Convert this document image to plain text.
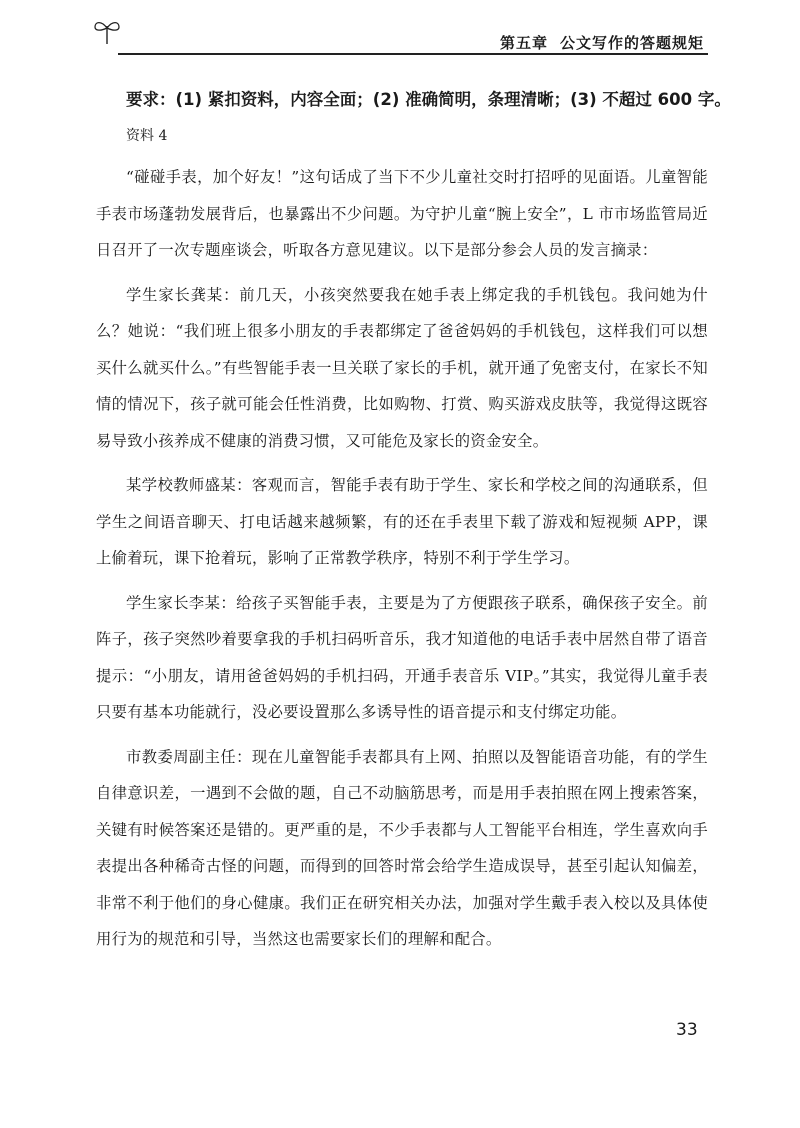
第五章 公文写作的答题规矩

要求：(1) 紧扣资料，内容全面；(2) 准确简明，条理清晰；(3) 不超过 600 字。

资料 4

“碰碰手表，加个好友！”这句话成了当下不少儿童社交时打招呼的见面语。儿童智能手表市场蓬勃发展背后，也暴露出不少问题。为守护儿童“腕上安全”，L 市市场监管局近日召开了一次专题座谈会，听取各方意见建议。以下是部分参会人员的发言摘录：

学生家长龚某：前几天，小孩突然要我在她手表上绑定我的手机钱包。我问她为什么？她说：“我们班上很多小朋友的手表都绑定了爸爸妈妈的手机钱包，这样我们可以想买什么就买什么。”有些智能手表一旦关联了家长的手机，就开通了免密支付，在家长不知情的情况下，孩子就可能会任性消费，比如购物、打赏、购买游戏皮肤等，我觉得这既容易导致小孩养成不健康的消费习惯，又可能危及家长的资金安全。

某学校教师盛某：客观而言，智能手表有助于学生、家长和学校之间的沟通联系，但学生之间语音聊天、打电话越来越频繁，有的还在手表里下载了游戏和短视频 APP，课上偷着玩，课下抢着玩，影响了正常教学秩序，特别不利于学生学习。

学生家长李某：给孩子买智能手表，主要是为了方便跟孩子联系，确保孩子安全。前阵子，孩子突然吵着要拿我的手机扫码听音乐，我才知道他的电话手表中居然自带了语音提示：“小朋友，请用爸爸妈妈的手机扫码，开通手表音乐 VIP。”其实，我觉得儿童手表只要有基本功能就行，没必要设置那么多诱导性的语音提示和支付绑定功能。

市教委周副主任：现在儿童智能手表都具有上网、拍照以及智能语音功能，有的学生自律意识差，一遇到不会做的题，自己不动脑筋思考，而是用手表拍照在网上搜索答案，关键有时候答案还是错的。更严重的是，不少手表都与人工智能平台相连，学生喜欢向手表提出各种稀奇古怪的问题，而得到的回答时常会给学生造成误导，甚至引起认知偏差，非常不利于他们的身心健康。我们正在研究相关办法，加强对学生戴手表入校以及具体使用行为的规范和引导，当然这也需要家长们的理解和配合。

33
